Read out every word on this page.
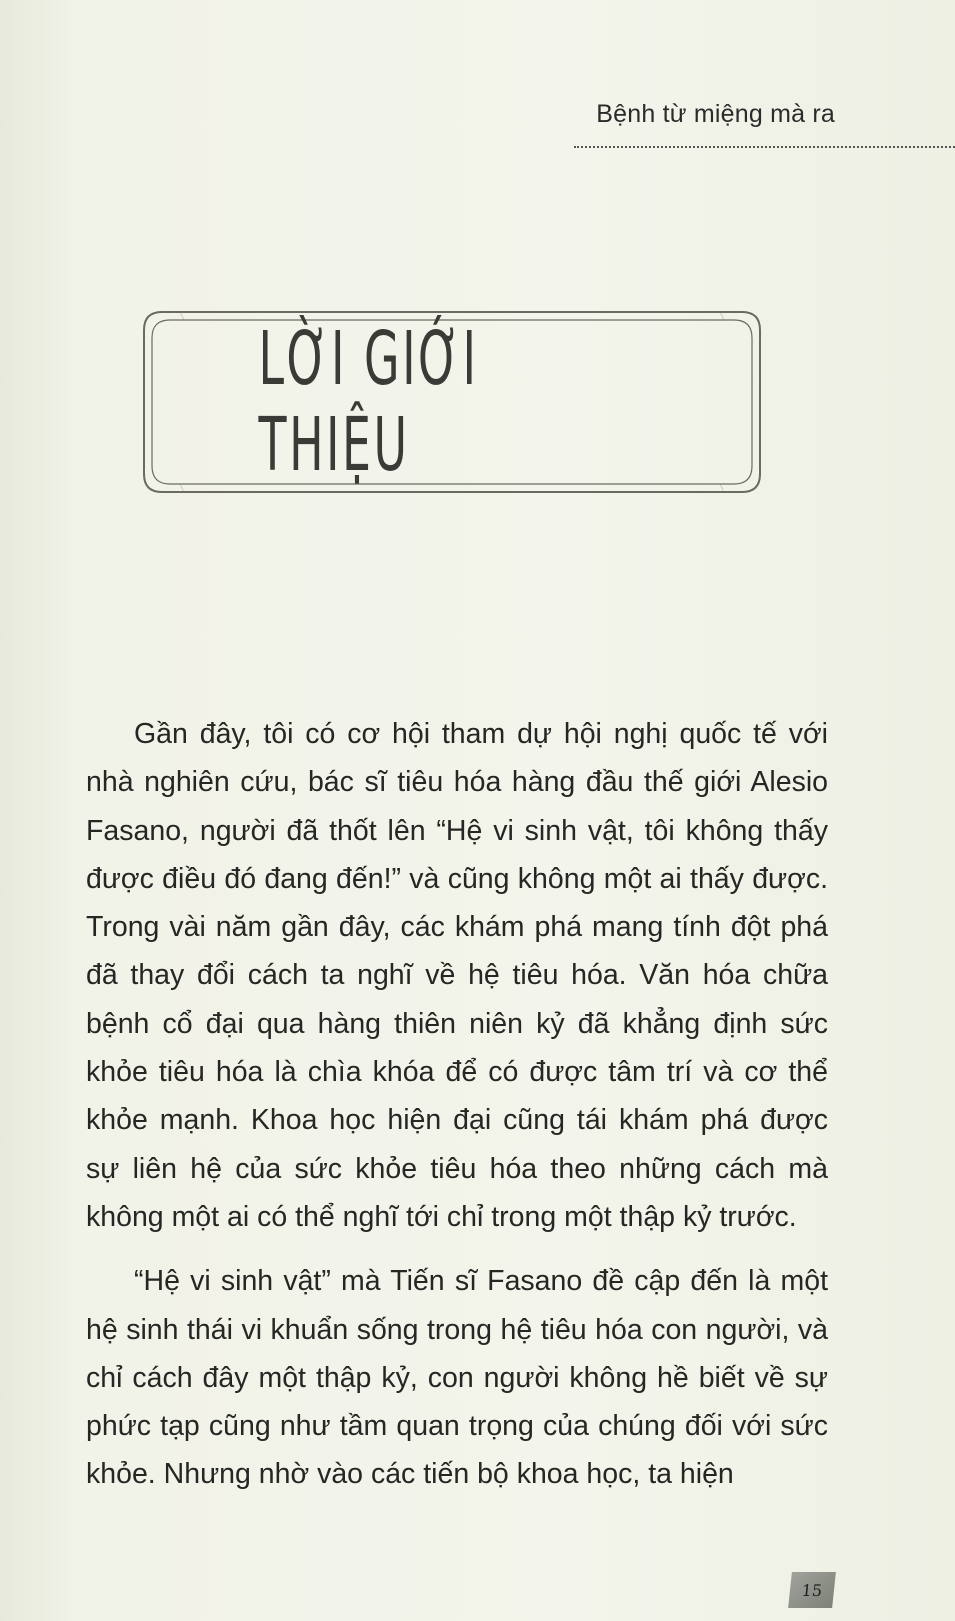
Bệnh từ miệng mà ra
LỜI GIỚI THIỆU

Gần đây, tôi có cơ hội tham dự hội nghị quốc tế với nhà nghiên cứu, bác sĩ tiêu hóa hàng đầu thế giới Alesio Fasano, người đã thốt lên “Hệ vi sinh vật, tôi không thấy được điều đó đang đến!” và cũng không một ai thấy được. Trong vài năm gần đây, các khám phá mang tính đột phá đã thay đổi cách ta nghĩ về hệ tiêu hóa. Văn hóa chữa bệnh cổ đại qua hàng thiên niên kỷ đã khẳng định sức khỏe tiêu hóa là chìa khóa để có được tâm trí và cơ thể khỏe mạnh. Khoa học hiện đại cũng tái khám phá được sự liên hệ của sức khỏe tiêu hóa theo những cách mà không một ai có thể nghĩ tới chỉ trong một thập kỷ trước.

“Hệ vi sinh vật” mà Tiến sĩ Fasano đề cập đến là một hệ sinh thái vi khuẩn sống trong hệ tiêu hóa con người, và chỉ cách đây một thập kỷ, con người không hề biết về sự phức tạp cũng như tầm quan trọng của chúng đối với sức khỏe. Nhưng nhờ vào các tiến bộ khoa học, ta hiện

15
